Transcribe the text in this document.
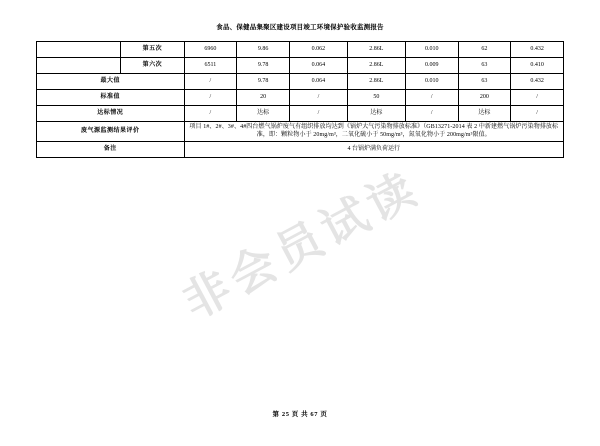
食品、保健品集聚区建设项目竣工环境保护验收监测报告
	第五次	6960	9.86	0.062	2.86L	0.010	62	0.432
	第六次	6511	9.78	0.064	2.86L	0.009	63	0.410
最大值		/	9.78	0.064	2.86L	0.010	63	0.432
标准值		/	20	/	50	/	200	/
达标情况		/	达标	/	达标	/	达标	/
废气源监测结果评价		项目 1#、2#、3#、4#四台燃气锅炉废气有组织排放均达到《锅炉大气污染物排放标准》（GB13271-2014 表 2 中新建燃气锅炉污染物排放标准，即：颗粒物小于 20mg/m³，二氧化硫小于 50mg/m³，氮氧化物小于 200mg/m³限值。						
备注		4 台锅炉满负荷运行						
非会员试读
第 25 页 共 67 页
